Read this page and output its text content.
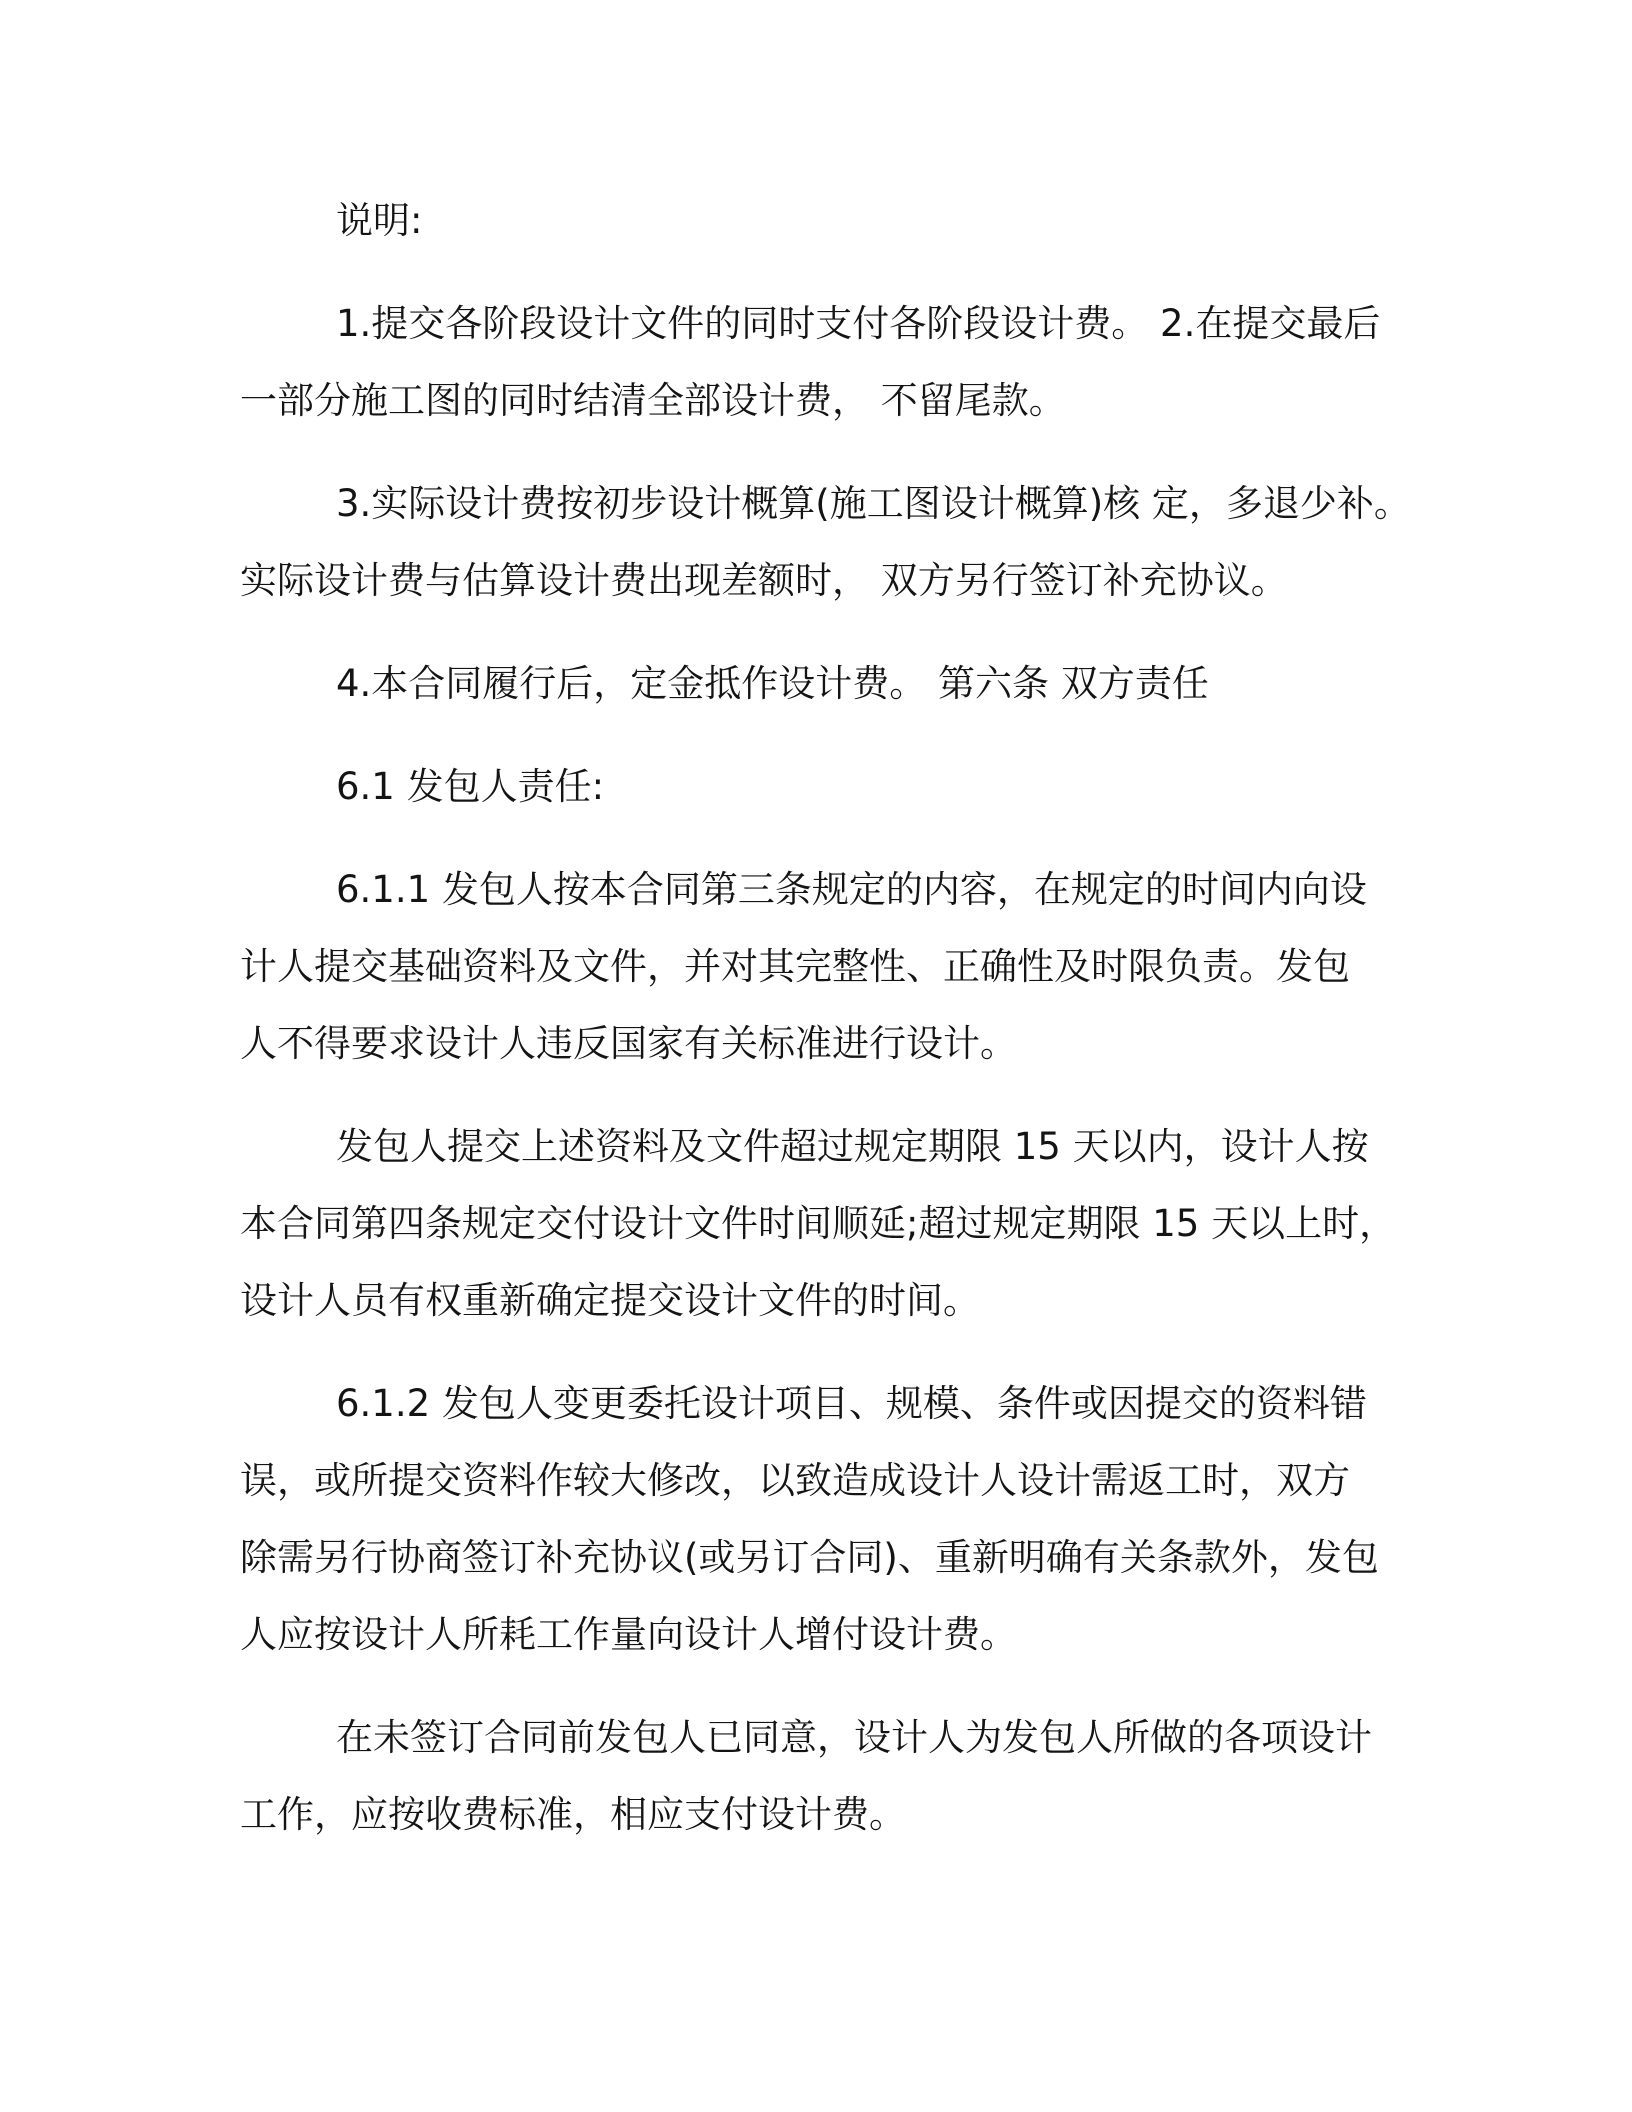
说明:

1.提交各阶段设计文件的同时支付各阶段设计费。 2.在提交最后
一部分施工图的同时结清全部设计费， 不留尾款。

3.实际设计费按初步设计概算(施工图设计概算)核 定，多退少补。
实际设计费与估算设计费出现差额时， 双方另行签订补充协议。

4.本合同履行后，定金抵作设计费。 第六条 双方责任

6.1 发包人责任:

6.1.1 发包人按本合同第三条规定的内容，在规定的时间内向设
计人提交基础资料及文件，并对其完整性、正确性及时限负责。发包
人不得要求设计人违反国家有关标准进行设计。

发包人提交上述资料及文件超过规定期限 15 天以内，设计人按
本合同第四条规定交付设计文件时间顺延;超过规定期限 15 天以上时，
设计人员有权重新确定提交设计文件的时间。

6.1.2 发包人变更委托设计项目、规模、条件或因提交的资料错
误，或所提交资料作较大修改，以致造成设计人设计需返工时，双方
除需另行协商签订补充协议(或另订合同)、重新明确有关条款外，发包
人应按设计人所耗工作量向设计人增付设计费。

在未签订合同前发包人已同意，设计人为发包人所做的各项设计
工作，应按收费标准，相应支付设计费。
